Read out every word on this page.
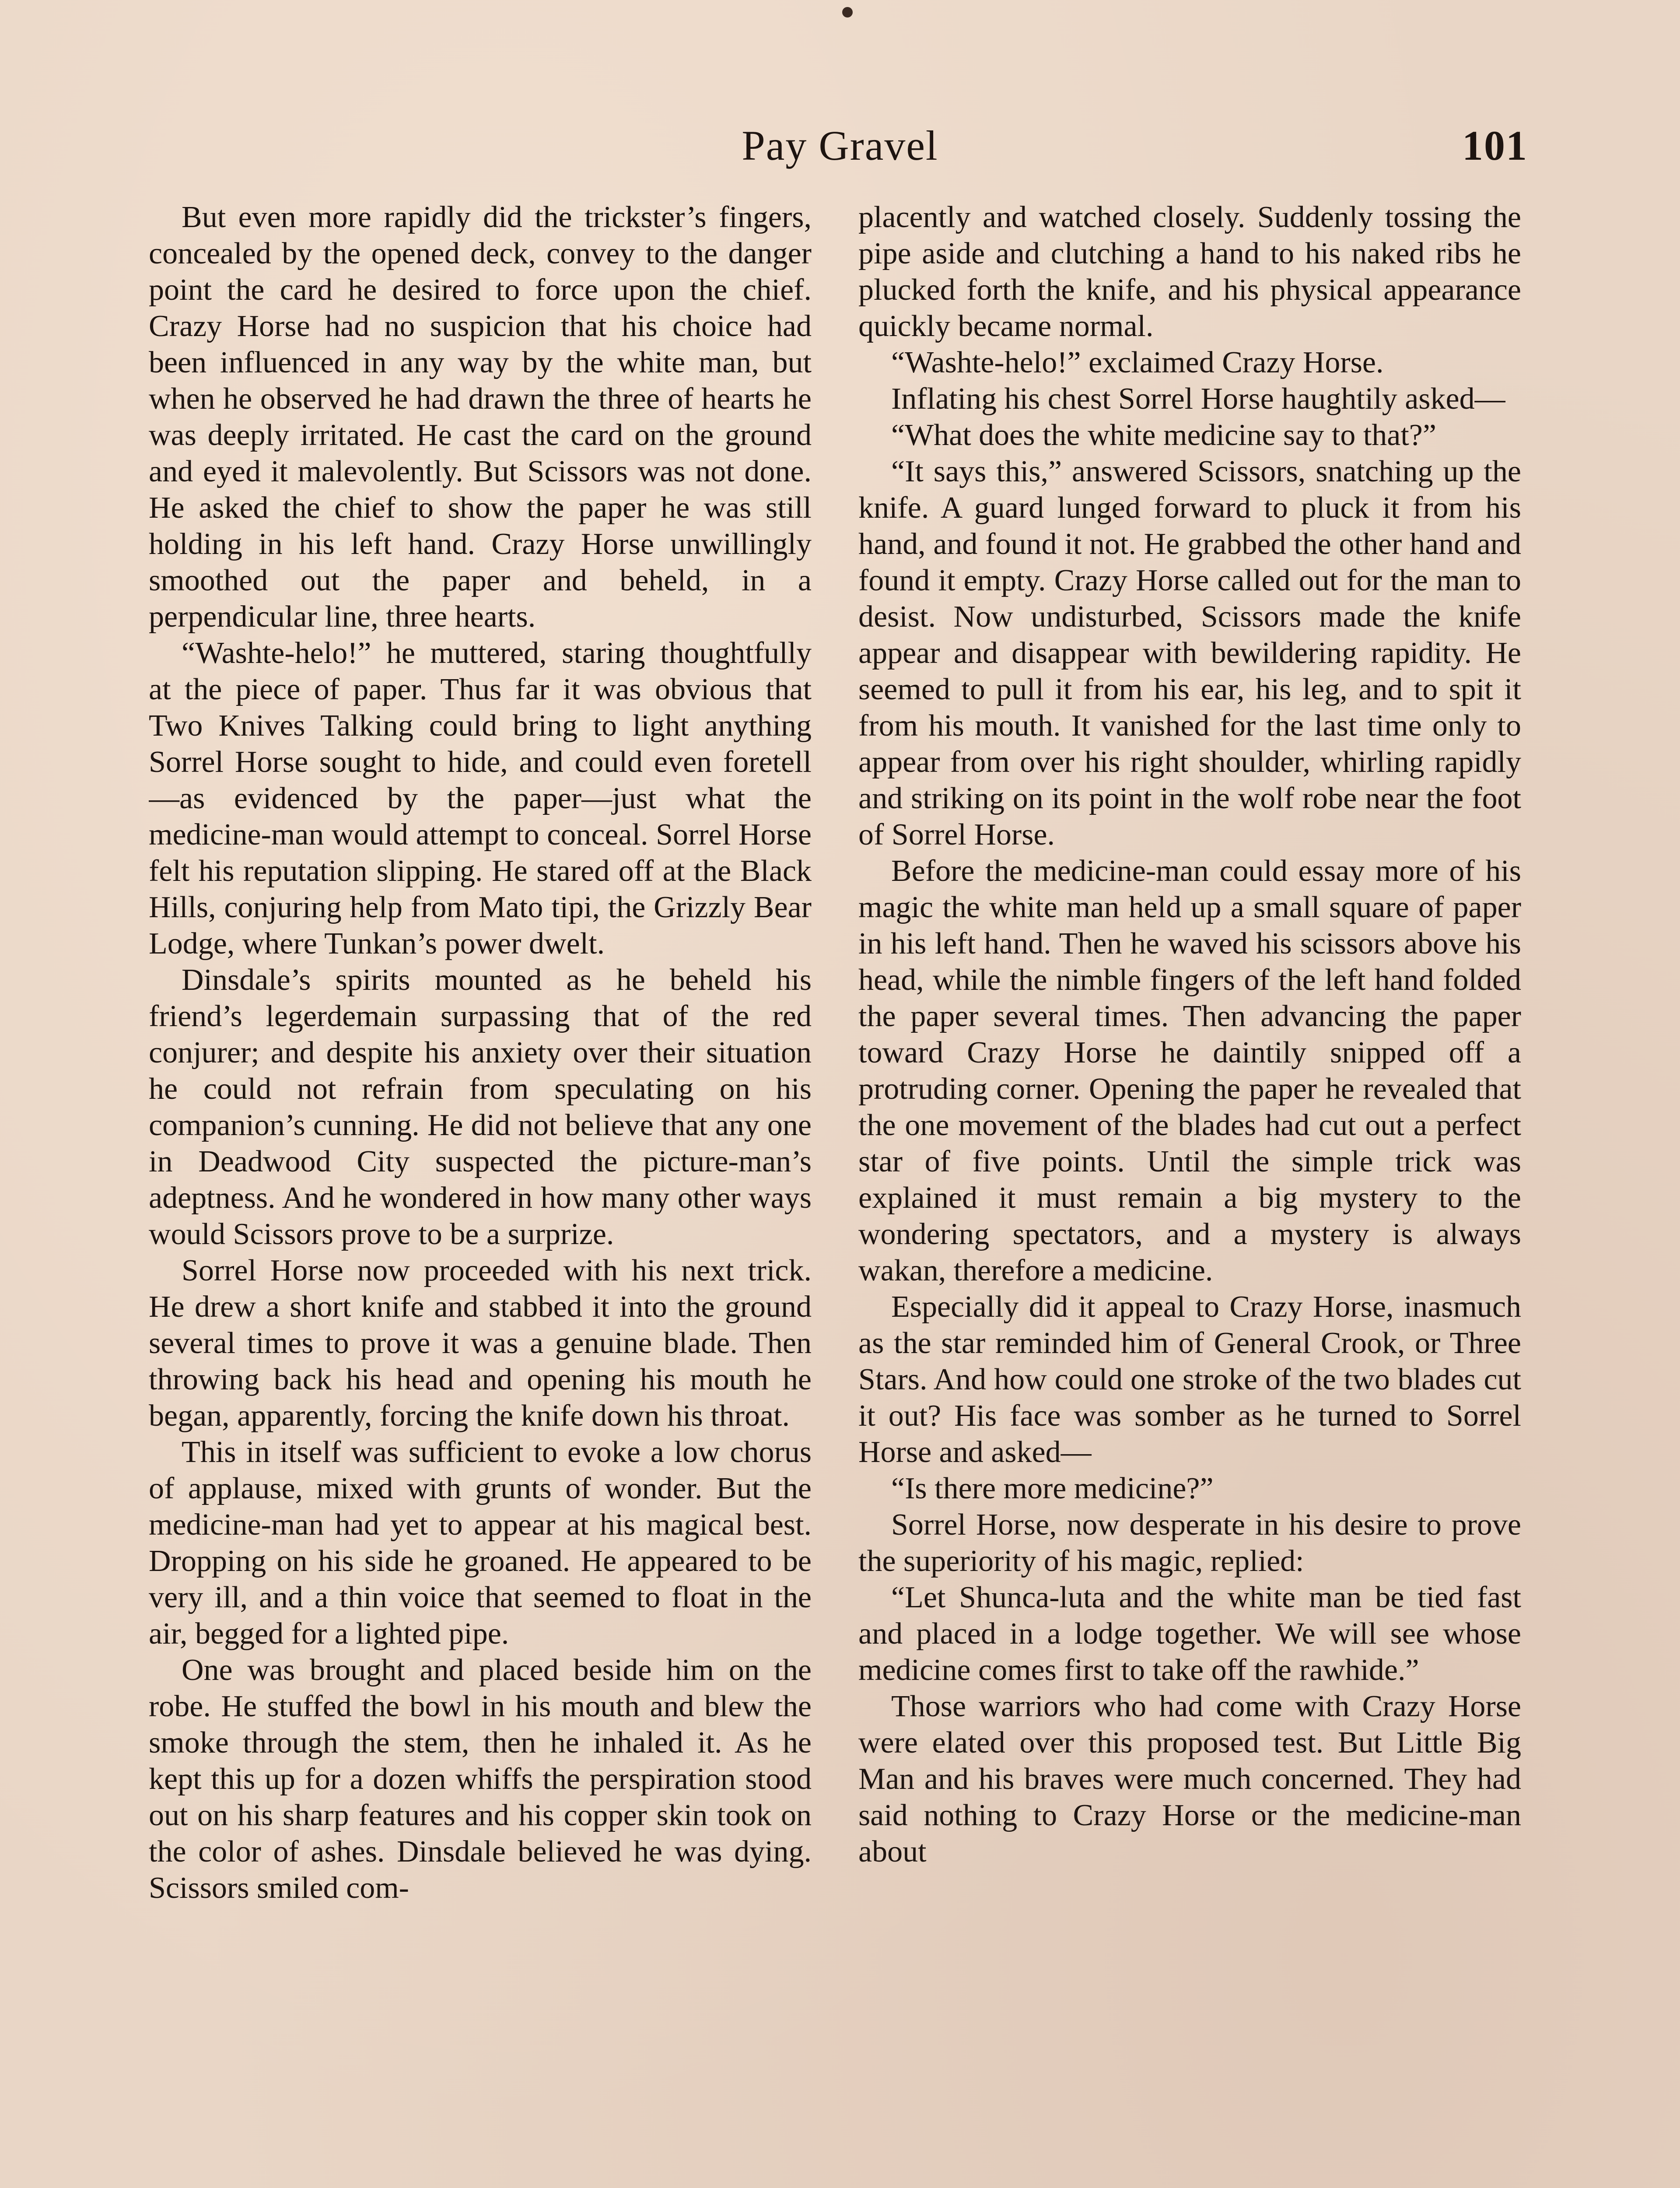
Pay Gravel	101

But even more rapidly did the trickster’s fingers, concealed by the opened deck, convey to the danger point the card he desired to force upon the chief. Crazy Horse had no suspicion that his choice had been influenced in any way by the white man, but when he observed he had drawn the three of hearts he was deeply irritated. He cast the card on the ground and eyed it malevolently. But Scissors was not done. He asked the chief to show the paper he was still holding in his left hand. Crazy Horse unwillingly smoothed out the paper and beheld, in a perpendicular line, three hearts.

“Washte-helo!” he muttered, staring thoughtfully at the piece of paper. Thus far it was obvious that Two Knives Talking could bring to light anything Sorrel Horse sought to hide, and could even foretell—as evidenced by the paper—just what the medicine-man would attempt to conceal. Sorrel Horse felt his reputation slipping. He stared off at the Black Hills, conjuring help from Mato tipi, the Grizzly Bear Lodge, where Tunkan’s power dwelt.

Dinsdale’s spirits mounted as he beheld his friend’s legerdemain surpassing that of the red conjurer; and despite his anxiety over their situation he could not refrain from speculating on his companion’s cunning. He did not believe that any one in Deadwood City suspected the picture-man’s adeptness. And he wondered in how many other ways would Scissors prove to be a surprize.

Sorrel Horse now proceeded with his next trick. He drew a short knife and stabbed it into the ground several times to prove it was a genuine blade. Then throwing back his head and opening his mouth he began, apparently, forcing the knife down his throat.

This in itself was sufficient to evoke a low chorus of applause, mixed with grunts of wonder. But the medicine-man had yet to appear at his magical best. Dropping on his side he groaned. He appeared to be very ill, and a thin voice that seemed to float in the air, begged for a lighted pipe.

One was brought and placed beside him on the robe. He stuffed the bowl in his mouth and blew the smoke through the stem, then he inhaled it. As he kept this up for a dozen whiffs the perspiration stood out on his sharp features and his copper skin took on the color of ashes. Dinsdale believed he was dying. Scissors smiled com-

placently and watched closely. Suddenly tossing the pipe aside and clutching a hand to his naked ribs he plucked forth the knife, and his physical appearance quickly became normal.

“Washte-helo!” exclaimed Crazy Horse.

Inflating his chest Sorrel Horse haughtily asked—

“What does the white medicine say to that?”

“It says this,” answered Scissors, snatching up the knife. A guard lunged forward to pluck it from his hand, and found it not. He grabbed the other hand and found it empty. Crazy Horse called out for the man to desist. Now undisturbed, Scissors made the knife appear and disappear with bewildering rapidity. He seemed to pull it from his ear, his leg, and to spit it from his mouth. It vanished for the last time only to appear from over his right shoulder, whirling rapidly and striking on its point in the wolf robe near the foot of Sorrel Horse.

Before the medicine-man could essay more of his magic the white man held up a small square of paper in his left hand. Then he waved his scissors above his head, while the nimble fingers of the left hand folded the paper several times. Then advancing the paper toward Crazy Horse he daintily snipped off a protruding corner. Opening the paper he revealed that the one movement of the blades had cut out a perfect star of five points. Until the simple trick was explained it must remain a big mystery to the wondering spectators, and a mystery is always wakan, therefore a medicine.

Especially did it appeal to Crazy Horse, inasmuch as the star reminded him of General Crook, or Three Stars. And how could one stroke of the two blades cut it out? His face was somber as he turned to Sorrel Horse and asked—

“Is there more medicine?”

Sorrel Horse, now desperate in his desire to prove the superiority of his magic, replied:

“Let Shunca-luta and the white man be tied fast and placed in a lodge together. We will see whose medicine comes first to take off the rawhide.”

Those warriors who had come with Crazy Horse were elated over this proposed test. But Little Big Man and his braves were much concerned. They had said nothing to Crazy Horse or the medicine-man about
